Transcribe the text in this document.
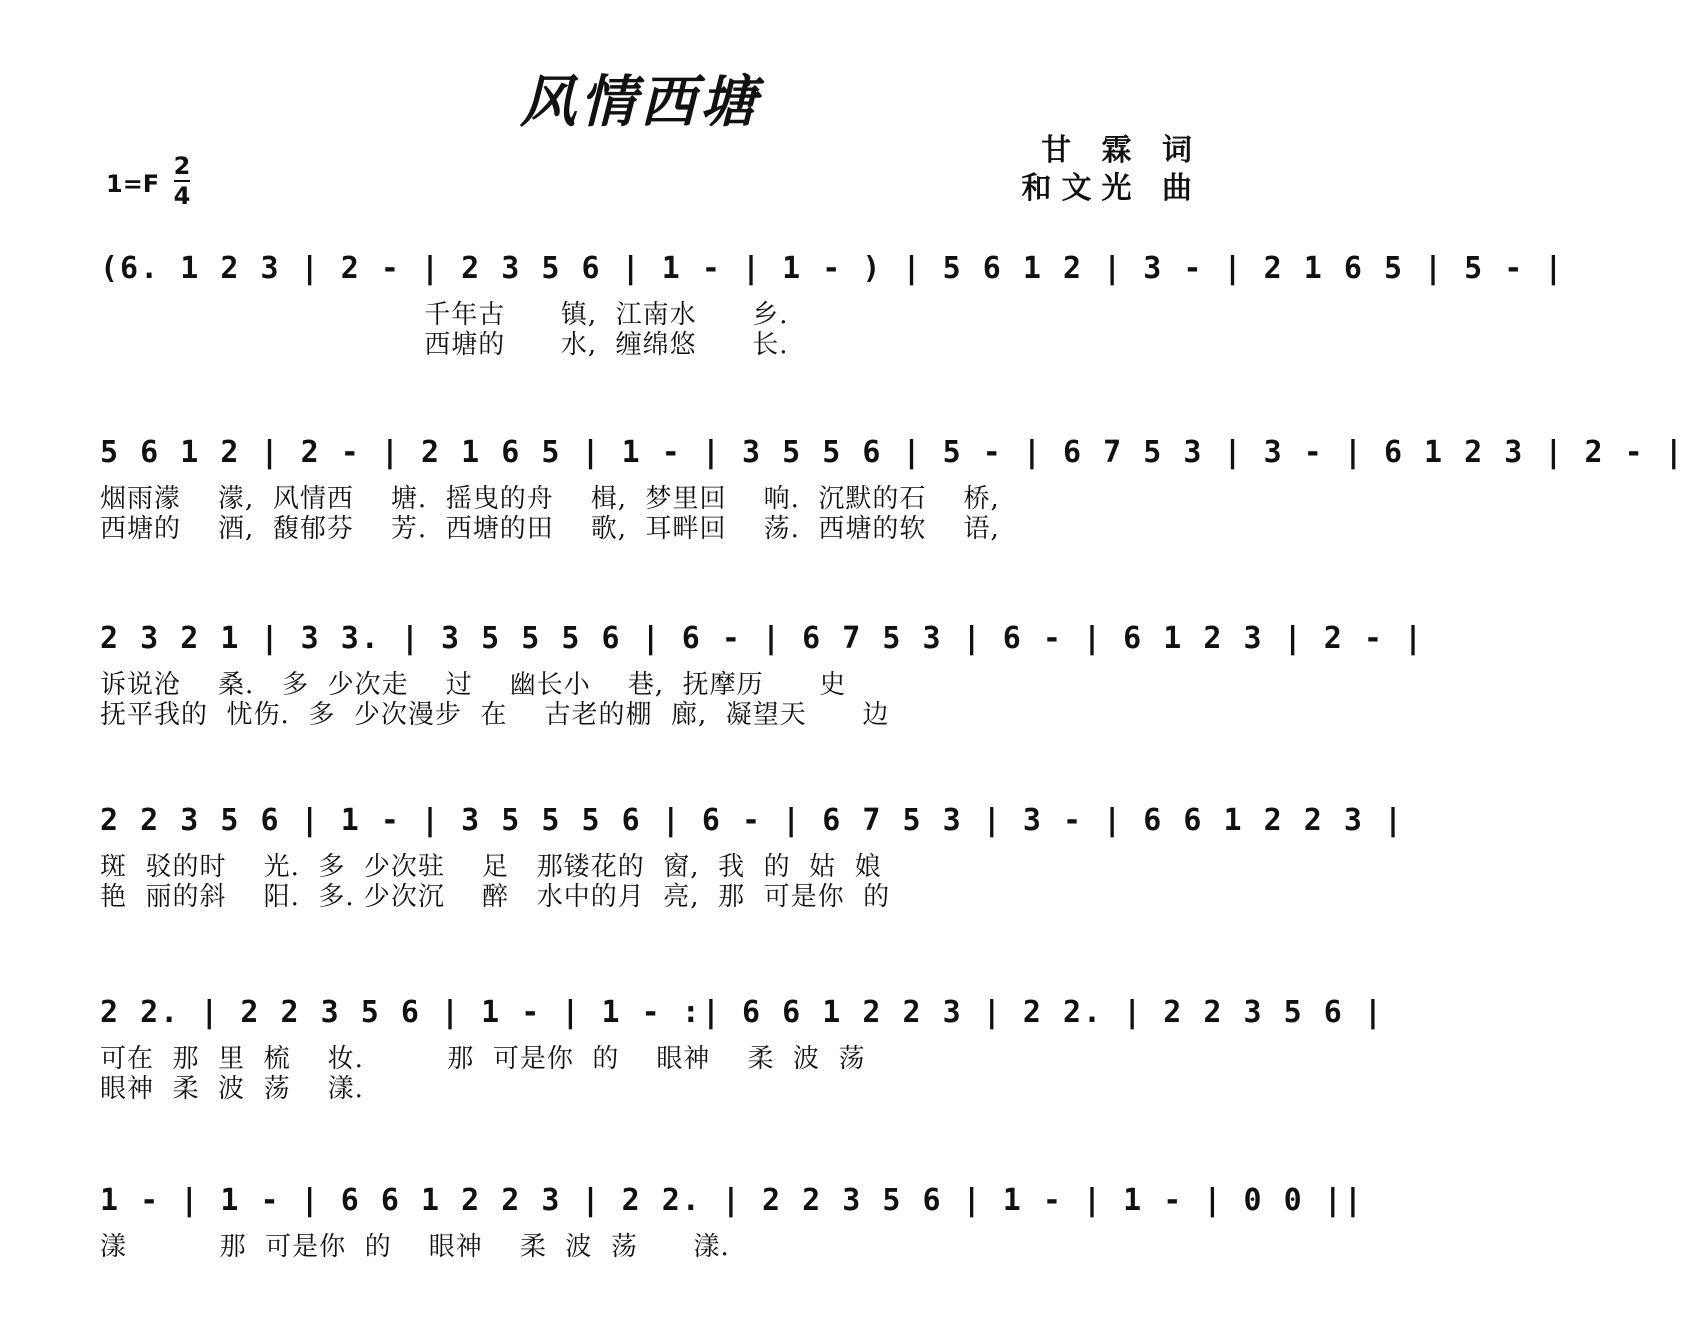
风情西塘
甘 霖 词
和文光 曲
1=F
2
4
(6. 1 2 3 | 2 - | 2 3 5 6 | 1 - | 1 - ) | 5 6 1 2 | 3 - | 2 1 6 5 | 5 - |
千年古      镇,  江南水      乡.
西塘的      水,  缠绵悠      长.
5 6 1 2 | 2 - | 2 1 6 5 | 1 - | 3 5 5 6 | 5 - | 6 7 5 3 | 3 - | 6 1 2 3 | 2 - |
烟雨濛    濛,  风情西    塘.  摇曳的舟    楫,  梦里回    响.  沉默的石    桥,
西塘的    酒,  馥郁芬    芳.  西塘的田    歌,  耳畔回    荡.  西塘的软    语,
2 3 2 1 | 3 3. | 3 5 5 5 6 | 6 - | 6 7 5 3 | 6 - | 6 1 2 3 | 2 - |
诉说沧    桑.   多  少次走    过    幽长小    巷,  抚摩历      史
抚平我的  忧伤.  多  少次漫步  在    古老的棚  廊,  凝望天      边
2 2 3 5 6 | 1 - | 3 5 5 5 6 | 6 - | 6 7 5 3 | 3 - | 6 6 1 2 2 3 |
斑  驳的时    光.  多  少次驻    足   那镂花的  窗,  我  的  姑  娘
艳  丽的斜    阳.  多. 少次沉    醉   水中的月  亮,  那  可是你  的
2 2. | 2 2 3 5 6 | 1 - | 1 - :| 6 6 1 2 2 3 | 2 2. | 2 2 3 5 6 |
可在  那  里  梳    妆.         那  可是你  的    眼神    柔  波  荡
眼神  柔  波  荡    漾.
1 - | 1 - | 6 6 1 2 2 3 | 2 2. | 2 2 3 5 6 | 1 - | 1 - | 0 0 ||
漾          那  可是你  的    眼神    柔  波  荡      漾.
